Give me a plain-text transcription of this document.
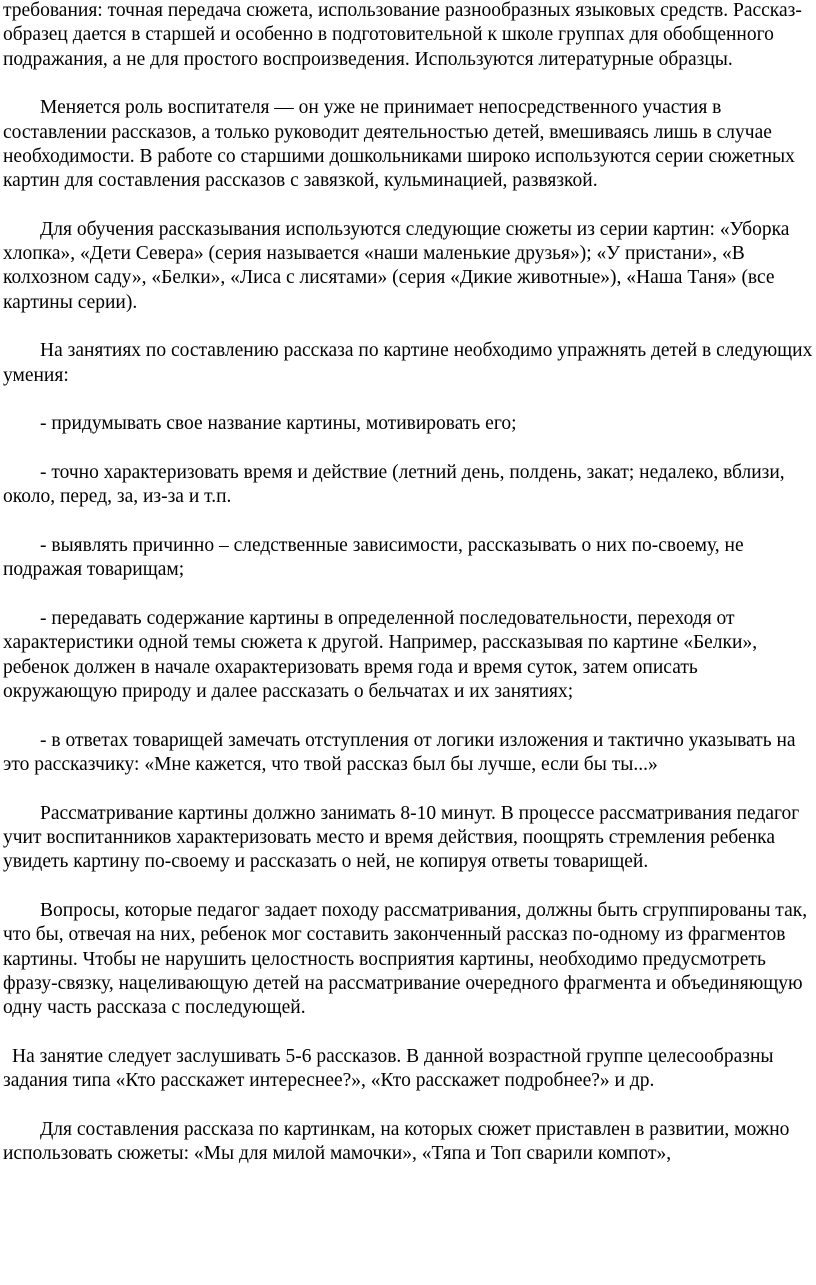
требования: точная передача сюжета, использование разнообразных языковых средств. Рассказ-образец дается в старшей и особенно в подготовительной к школе группах для обобщенного подражания, а не для простого воспроизведения. Используются литературные образцы.

Меняется роль воспитателя — он уже не принимает непосредственного участия в составлении рассказов, а только руководит деятельностью детей, вмешиваясь лишь в случае необходимости. В работе со старшими дошкольниками широко используются серии сюжетных картин для составления рассказов с завязкой, кульминацией, развязкой.

Для обучения рассказывания используются следующие сюжеты из серии картин: «Уборка хлопка», «Дети Севера» (серия называется «наши маленькие друзья»); «У пристани», «В колхозном саду», «Белки», «Лиса с лисятами» (серия «Дикие животные»), «Наша Таня» (все картины серии).

На занятиях по составлению рассказа по картине необходимо упражнять детей в следующих умения:

- придумывать свое название картины, мотивировать его;

- точно характеризовать время и действие (летний день, полдень, закат; недалеко, вблизи, около, перед, за, из-за и т.п.

- выявлять причинно – следственные зависимости, рассказывать о них по-своему, не подражая товарищам;

- передавать содержание картины в определенной последовательности, переходя от характеристики одной темы сюжета к другой. Например, рассказывая по картине «Белки», ребенок должен в начале охарактеризовать время года и время суток, затем описать окружающую природу и далее рассказать о бельчатах и их занятиях;

- в ответах товарищей замечать отступления от логики изложения и тактично указывать на это рассказчику: «Мне кажется, что твой рассказ был бы лучше, если бы ты...»

Рассматривание картины должно занимать 8-10 минут. В процессе рассматривания педагог учит воспитанников характеризовать место и время действия, поощрять стремления ребенка увидеть картину по-своему и рассказать о ней, не копируя ответы товарищей.

Вопросы, которые педагог задает походу рассматривания, должны быть сгруппированы так, что бы, отвечая на них, ребенок мог составить законченный рассказ по-одному из фрагментов картины. Чтобы не нарушить целостность восприятия картины, необходимо предусмотреть фразу-связку, нацеливающую детей на рассматривание очередного фрагмента и объединяющую одну часть рассказа с последующей.

На занятие следует заслушивать 5-6 рассказов. В данной возрастной группе целесообразны задания типа «Кто расскажет интереснее?», «Кто расскажет подробнее?» и др.

Для составления рассказа по картинкам, на которых сюжет приставлен в развитии, можно использовать сюжеты: «Мы для милой мамочки», «Тяпа и Топ сварили компот»,
